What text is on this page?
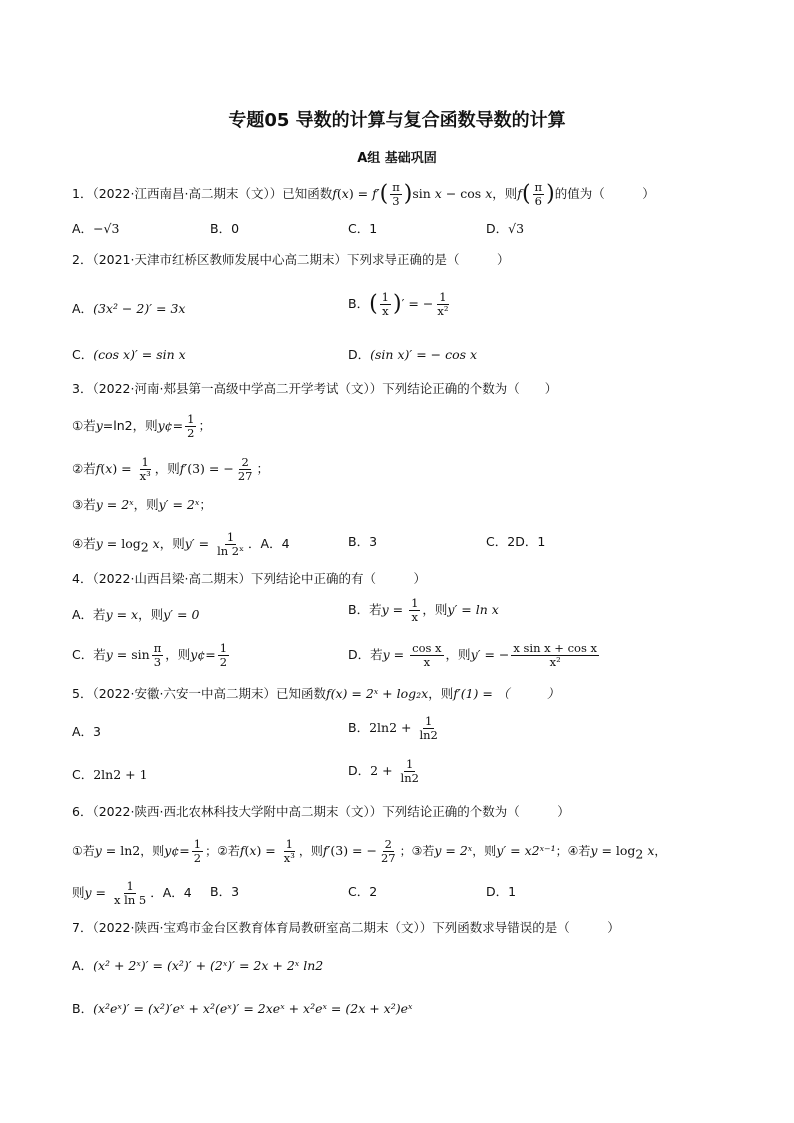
专题05 导数的计算与复合函数导数的计算
A组 基础巩固
1．（2022·江西南昌·高二期末（文））已知函数$f(x) = f'( \frac{\pi}{3} )\sin$ x − cos x，则$f( \frac{\pi}{6}$ )的值为（　　　）
A．−√3	B．0	C．1	D．√3
2．（2021·天津市红桥区教师发展中心高二期末）下列求导正确的是（　　　）
A．(3x² − 2)′ = 3x	B．( $\frac{1}{x}$ )′ = − $\frac{1}{\text{x²}}$
C．(cos x)′ = sin x	D．(sin x)′ = − cos x
3．（2022·河南·郏县第一高级中学高二开学考试（文））下列结论正确的个数为（　　）
①若y=ln2，则y¢= $\frac{1}{2}$ ；
②若$f(x) = \frac{1}{\text{x³}}$ ，则f′(3) = − $\frac{2}{27}$ ；
③若y = 2ˣ，则y′ = 2ˣ；
④若$y = \log_2 x$，则$y' = \frac{1}{\text{ln 2ˣ}}$ ．A．4	B．3	C．2D．1
4．（2022·山西吕梁·高二期末）下列结论中正确的有（　　　）
A．若y = x，则y′ = 0	B．若$y = \frac{1}{x}$ ，则y′ = ln x
C．若$y = \sin \frac{\pi}{3}$ ，则y¢= $\frac{1}{2}$	D．若$y = \frac{\text{cos x}}{x}$ ，则y′ = − $\frac{\text{x sin x + cos x}}{\text{x²}}$
5．（2022·安徽·六安一中高二期末）已知函数f(x) = 2ˣ + log₂x，则f′(1) = （　　　）
A．3	B．$2\ln 2 + \frac{1}{\ln 2}$
C．2ln2 + 1	D．$2 + \frac{1}{\ln 2}$
6．（2022·陕西·西北农林科技大学附中高二期末（文））下列结论正确的个数为（　　　）
①若y = ln2，则y¢= $\frac{1}{2}$ ；②若$f(x) = \frac{1}{\text{x³}}$ ，则f′(3) = − $\frac{2}{27}$ ；③若y = 2ˣ，则y′ = x2ˣ⁻¹；④若$y = \log_2 x$，
则$y = \frac{1}{\text{x ln 5}}$ ．A．4 B．3	C．2	D．1
7．（2022·陕西·宝鸡市金台区教育体育局教研室高二期末（文））下列函数求导错误的是（　　　）
A．(x² + 2ˣ)′ = (x²)′ + (2ˣ)′ = 2x + 2ˣ ln2
B．(x²eˣ)′ = (x²)′eˣ + x²(eˣ)′ = 2xeˣ + x²eˣ = (2x + x²)eˣ
